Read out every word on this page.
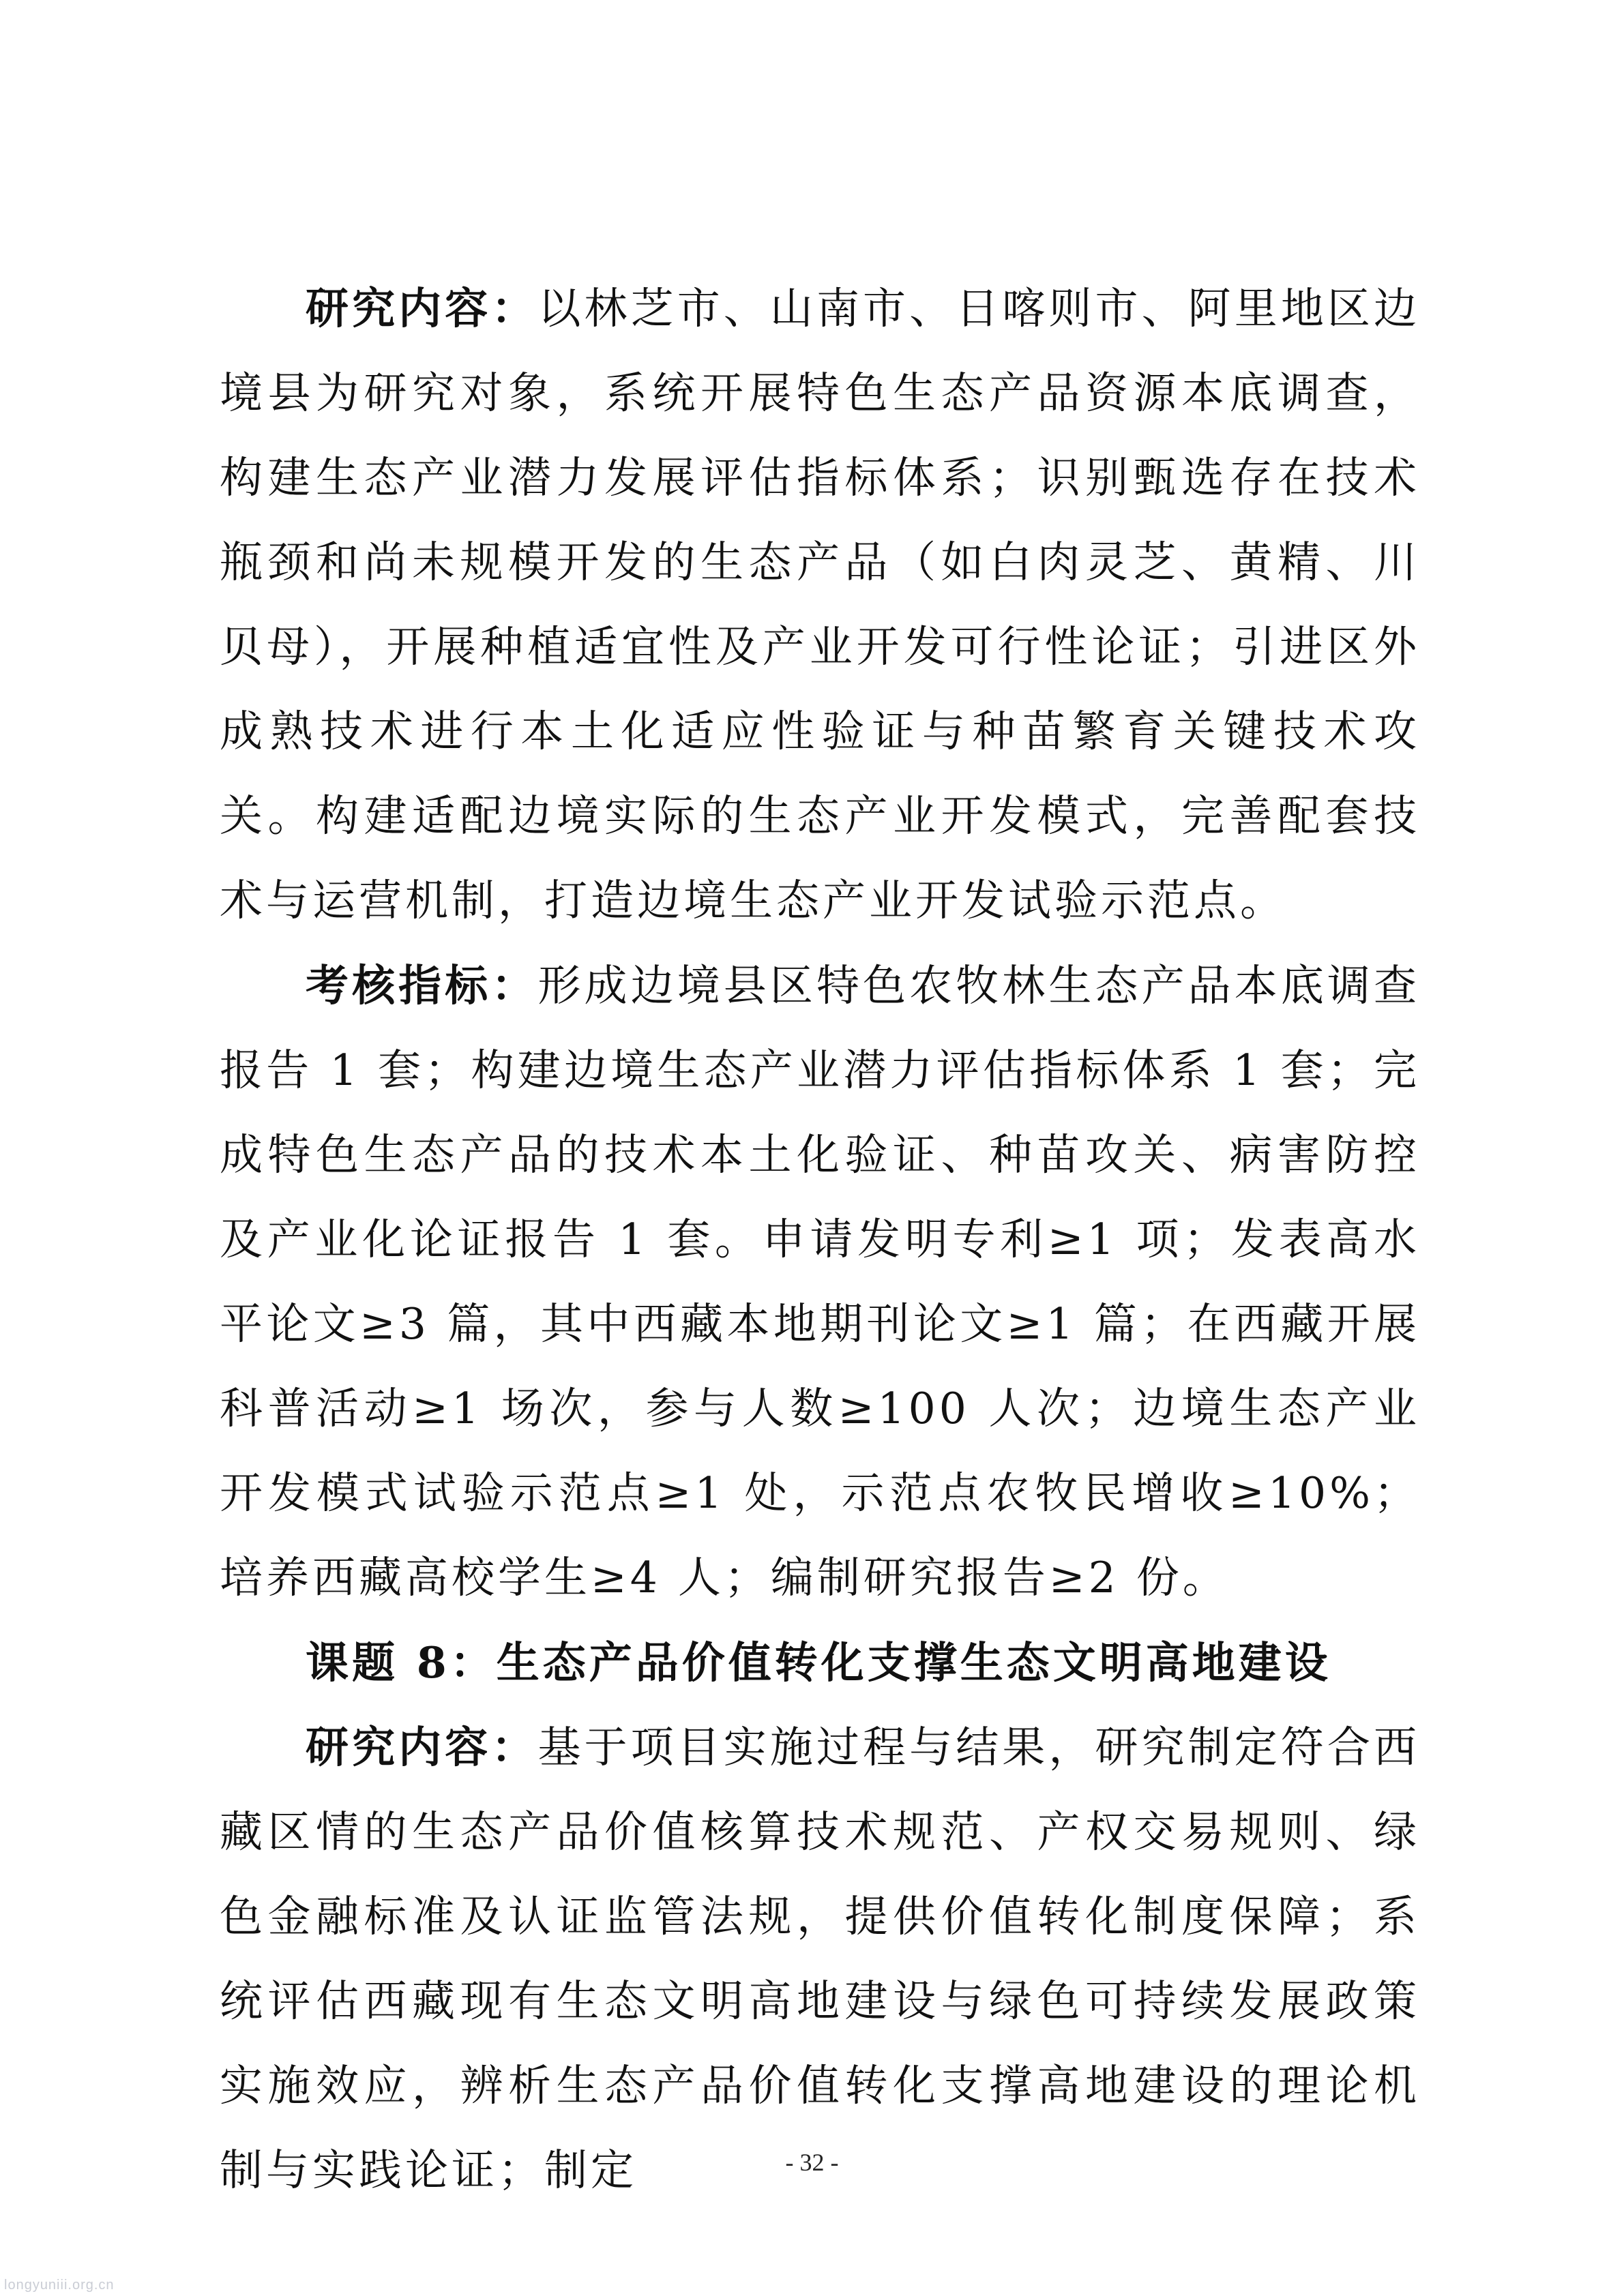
研究内容：以林芝市、山南市、日喀则市、阿里地区边境县为研究对象，系统开展特色生态产品资源本底调查，构建生态产业潜力发展评估指标体系；识别甄选存在技术瓶颈和尚未规模开发的生态产品（如白肉灵芝、黄精、川贝母），开展种植适宜性及产业开发可行性论证；引进区外成熟技术进行本土化适应性验证与种苗繁育关键技术攻关。构建适配边境实际的生态产业开发模式，完善配套技术与运营机制，打造边境生态产业开发试验示范点。

考核指标：形成边境县区特色农牧林生态产品本底调查报告 1 套；构建边境生态产业潜力评估指标体系 1 套；完成特色生态产品的技术本土化验证、种苗攻关、病害防控及产业化论证报告 1 套。申请发明专利≥1 项；发表高水平论文≥3 篇，其中西藏本地期刊论文≥1 篇；在西藏开展科普活动≥1 场次，参与人数≥100 人次；边境生态产业开发模式试验示范点≥1 处，示范点农牧民增收≥10%；培养西藏高校学生≥4 人；编制研究报告≥2 份。

课题 8：生态产品价值转化支撑生态文明高地建设

研究内容：基于项目实施过程与结果，研究制定符合西藏区情的生态产品价值核算技术规范、产权交易规则、绿色金融标准及认证监管法规，提供价值转化制度保障；系统评估西藏现有生态文明高地建设与绿色可持续发展政策实施效应，辨析生态产品价值转化支撑高地建设的理论机制与实践论证；制定	- 32 -
longyuniii.org.cn
